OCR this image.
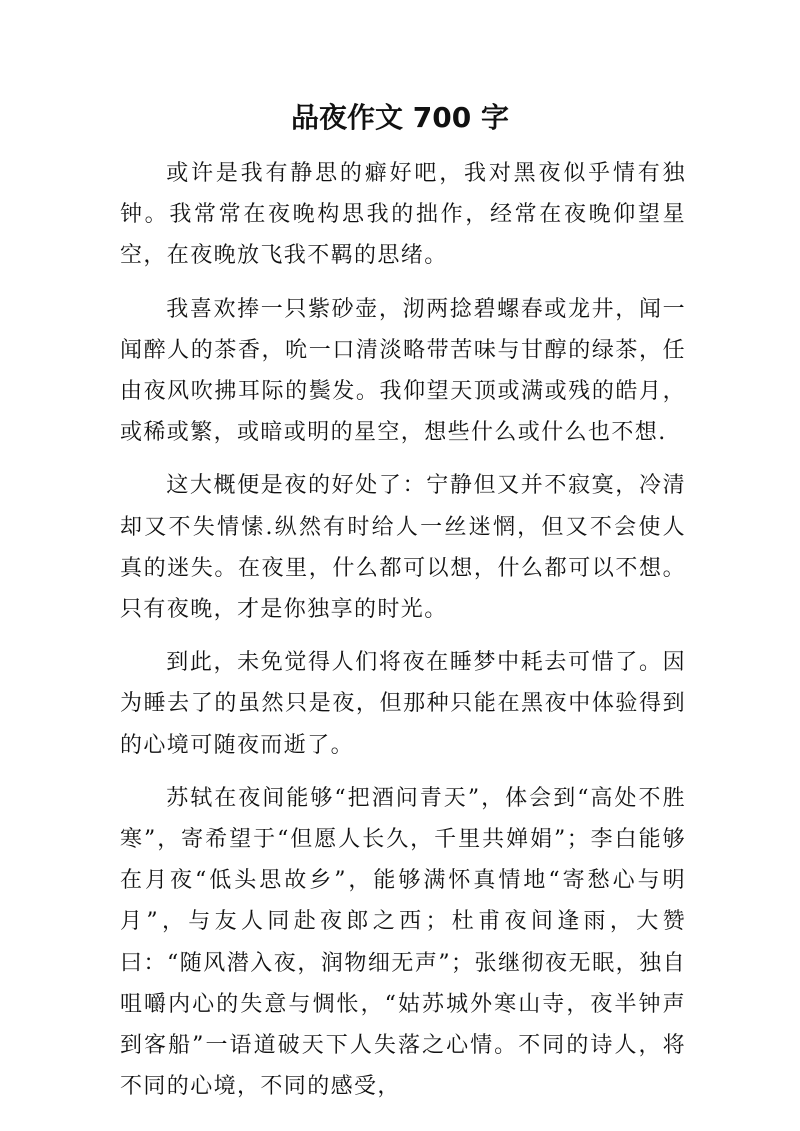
品夜作文 700 字

或许是我有静思的癖好吧，我对黑夜似乎情有独钟。我常常在夜晚构思我的拙作，经常在夜晚仰望星空，在夜晚放飞我不羁的思绪。

我喜欢捧一只紫砂壶，沏两捻碧螺春或龙井，闻一闻醉人的茶香，吮一口清淡略带苦味与甘醇的绿茶，任由夜风吹拂耳际的鬓发。我仰望天顶或满或残的皓月，或稀或繁，或暗或明的星空，想些什么或什么也不想.

这大概便是夜的好处了：宁静但又并不寂寞，冷清却又不失情愫.纵然有时给人一丝迷惘，但又不会使人真的迷失。在夜里，什么都可以想，什么都可以不想。只有夜晚，才是你独享的时光。

到此，未免觉得人们将夜在睡梦中耗去可惜了。因为睡去了的虽然只是夜，但那种只能在黑夜中体验得到的心境可随夜而逝了。

苏轼在夜间能够“把酒问青天”，体会到“高处不胜寒”，寄希望于“但愿人长久，千里共婵娟”；李白能够在月夜“低头思故乡”，能够满怀真情地“寄愁心与明月”，与友人同赴夜郎之西；杜甫夜间逢雨，大赞曰：“随风潜入夜，润物细无声”；张继彻夜无眠，独自咀嚼内心的失意与惆怅，“姑苏城外寒山寺，夜半钟声到客船”一语道破天下人失落之心情。不同的诗人，将不同的心境，不同的感受，
